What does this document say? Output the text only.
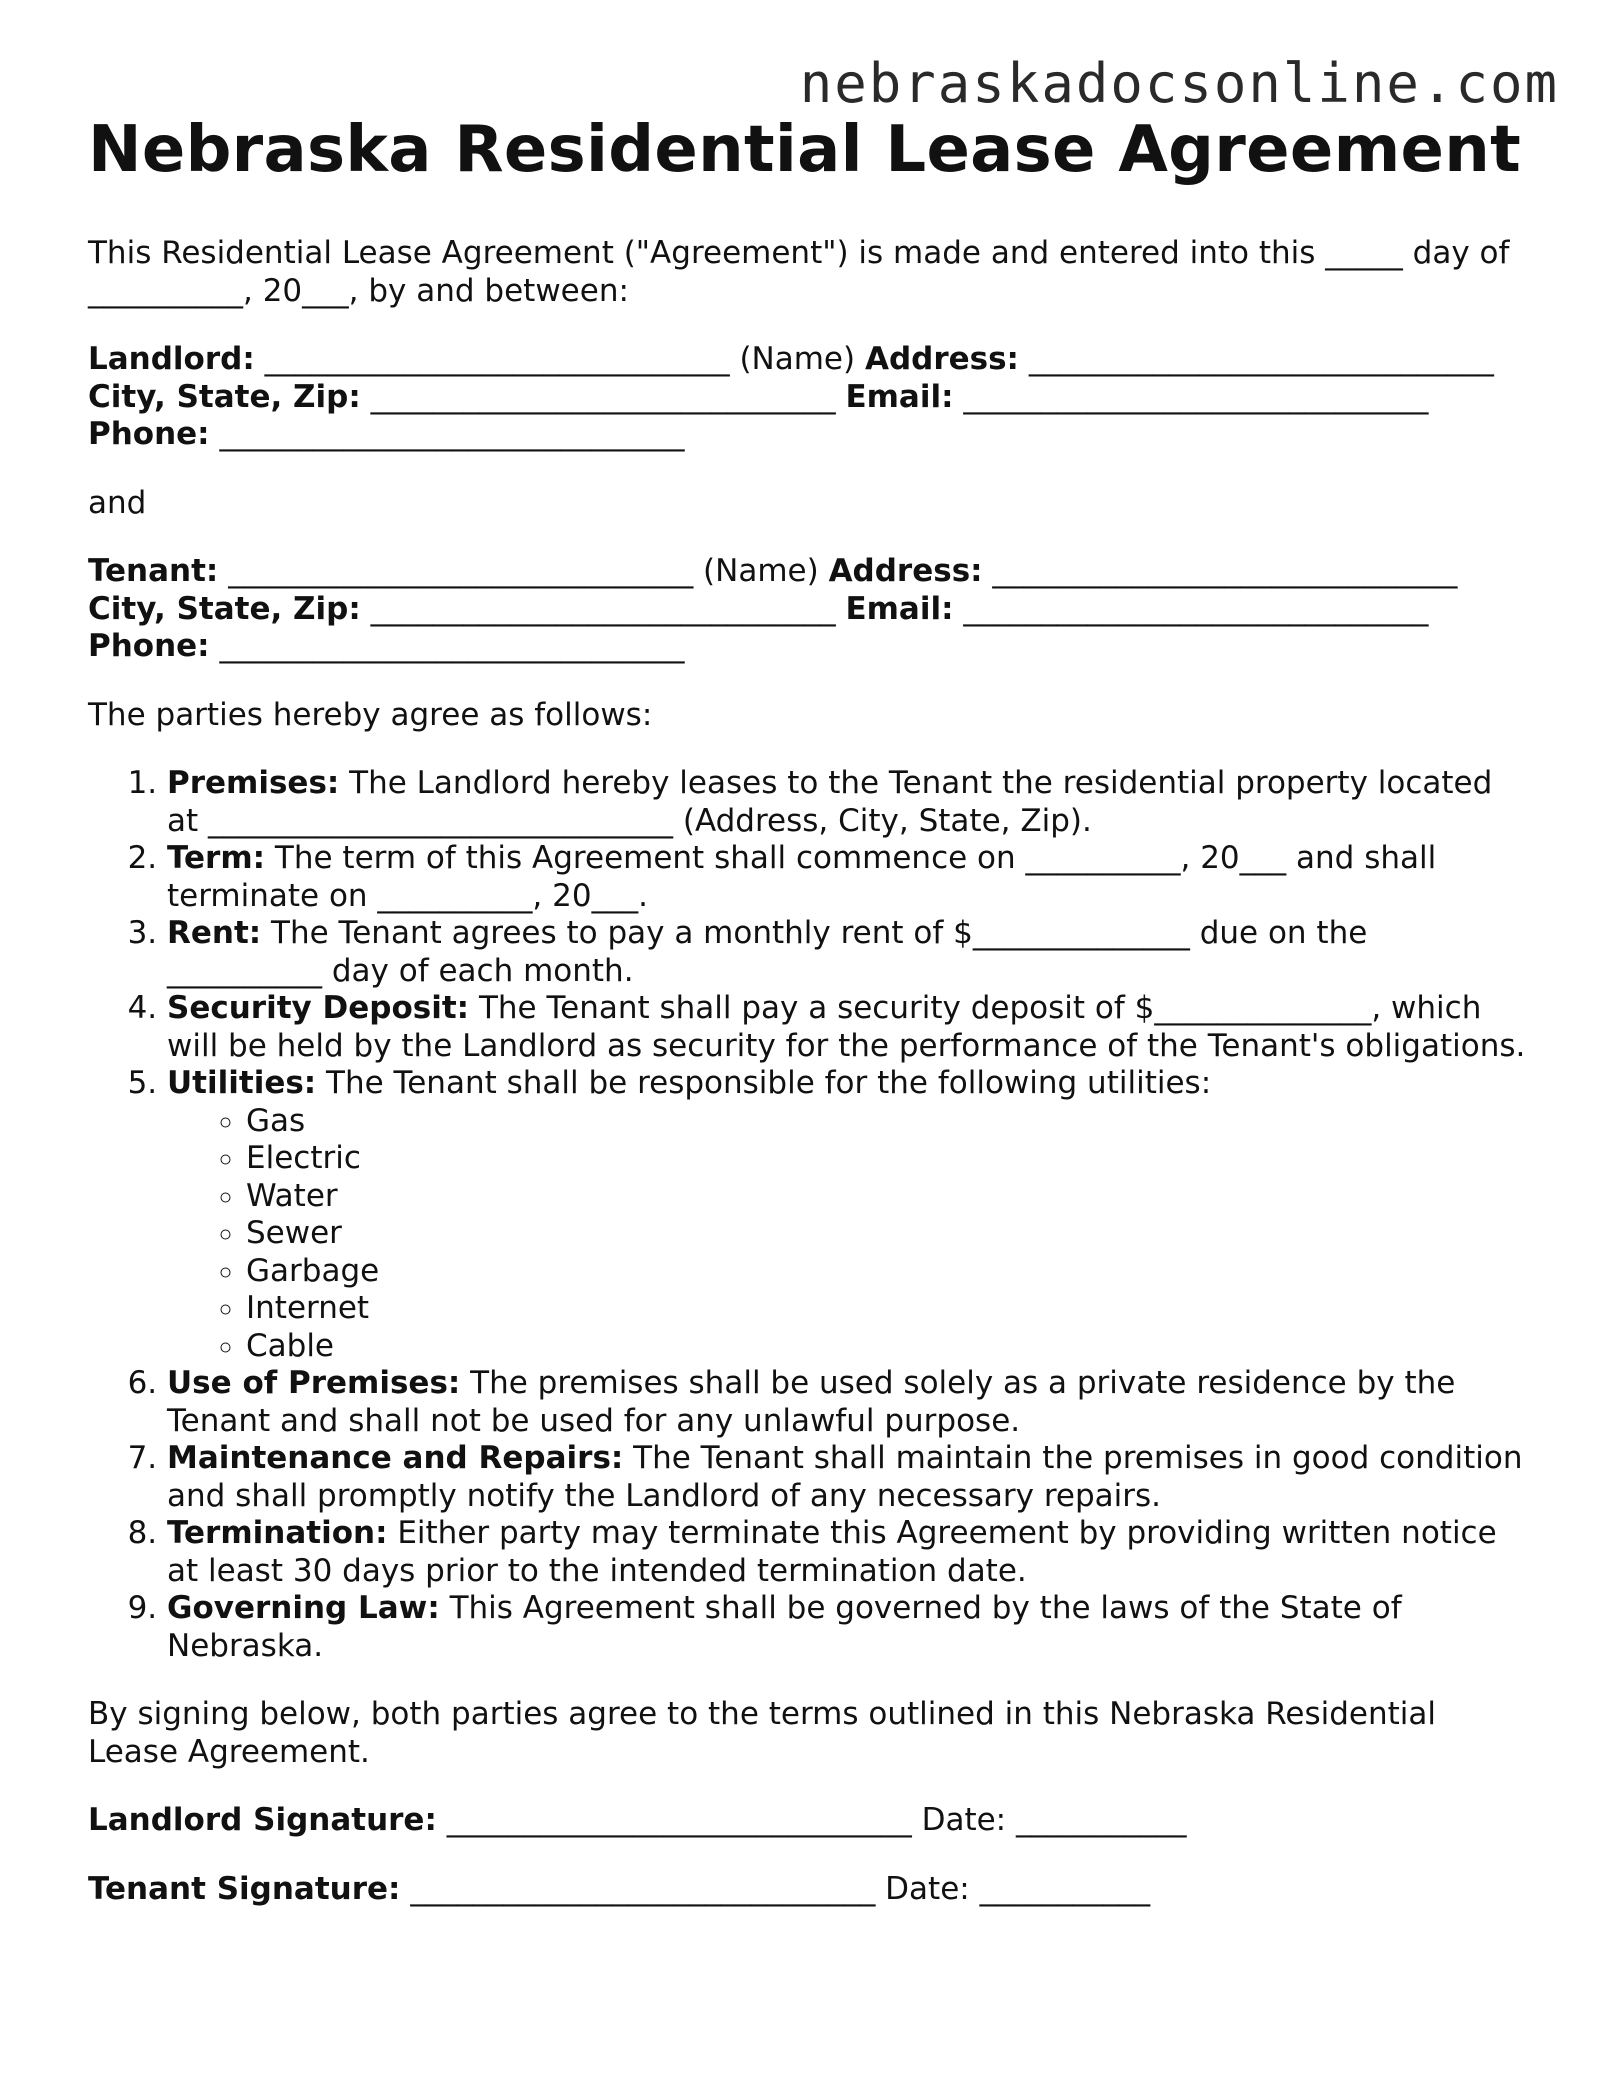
nebraskadocsonline.com
Nebraska Residential Lease Agreement

This Residential Lease Agreement ("Agreement") is made and entered into this _____ day of __________, 20___, by and between:

Landlord: ______________________________ (Name) Address: ______________________________ City, State, Zip: ______________________________ Email: ______________________________ Phone: ______________________________

and

Tenant: ______________________________ (Name) Address: ______________________________ City, State, Zip: ______________________________ Email: ______________________________
Phone: ______________________________

The parties hereby agree as follows:

1. Premises: The Landlord hereby leases to the Tenant the residential property located at ______________________________ (Address, City, State, Zip).
2. Term: The term of this Agreement shall commence on __________, 20___ and shall terminate on __________, 20___.
3. Rent: The Tenant agrees to pay a monthly rent of $______________ due on the __________ day of each month.
4. Security Deposit: The Tenant shall pay a security deposit of $______________, which will be held by the Landlord as security for the performance of the Tenant's obligations.
5. Utilities: The Tenant shall be responsible for the following utilities:
◦ Gas
◦ Electric
◦ Water
◦ Sewer
◦ Garbage
◦ Internet
◦ Cable
6. Use of Premises: The premises shall be used solely as a private residence by the Tenant and shall not be used for any unlawful purpose.
7. Maintenance and Repairs: The Tenant shall maintain the premises in good condition and shall promptly notify the Landlord of any necessary repairs.
8. Termination: Either party may terminate this Agreement by providing written notice at least 30 days prior to the intended termination date.
9. Governing Law: This Agreement shall be governed by the laws of the State of Nebraska.

By signing below, both parties agree to the terms outlined in this Nebraska Residential Lease Agreement.

Landlord Signature: ______________________________ Date: ___________

Tenant Signature: ______________________________ Date: ___________
